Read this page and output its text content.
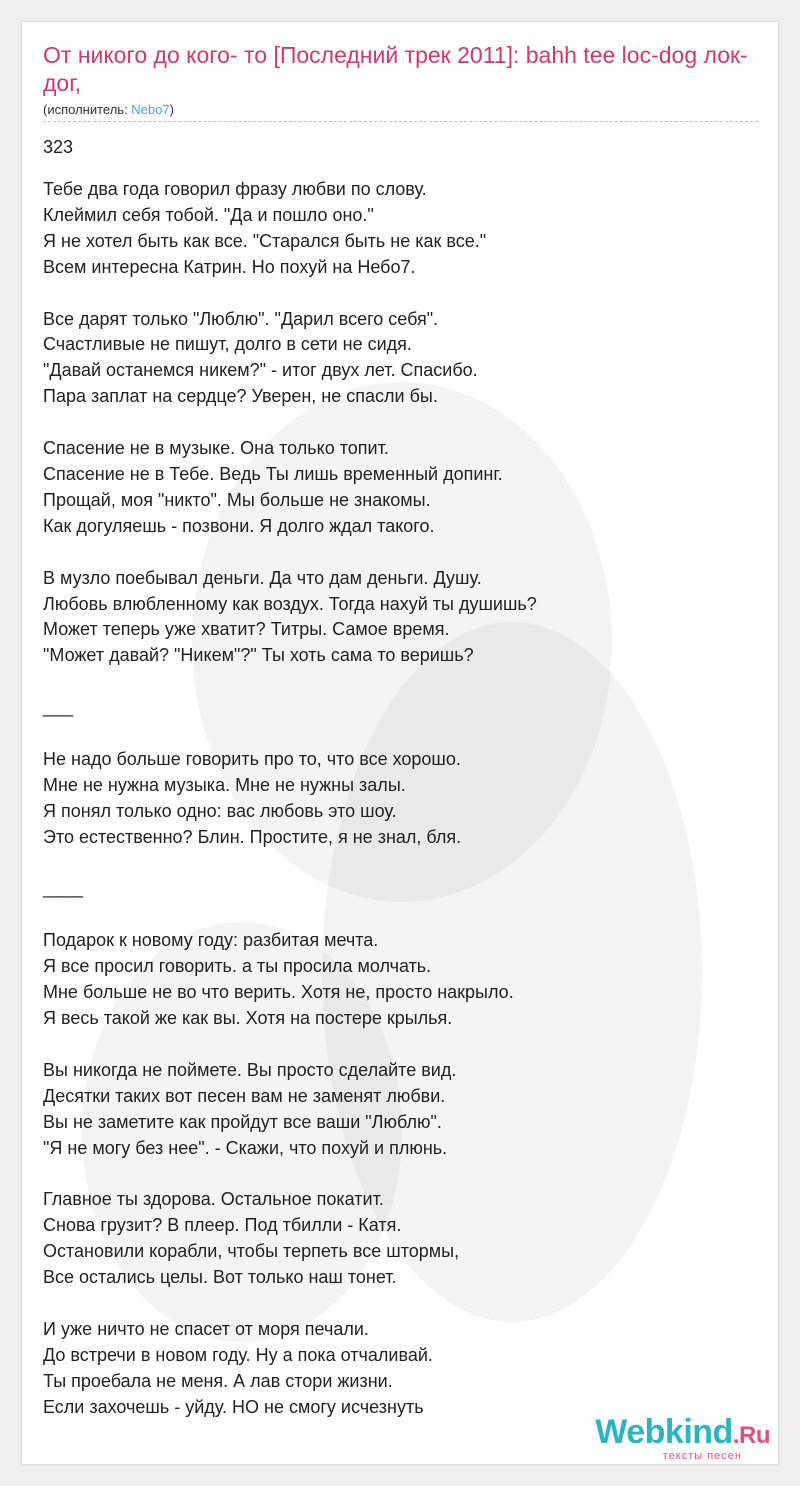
От никого до кого- то [Последний трек 2011]: bahh tee loc-dog лок-дог,
(исполнитель: Nebo7)
323
Тебе два года говорил фразу любви по слову.
Клеймил себя тобой. "Да и пошло оно."
Я не хотел быть как все. "Старался быть не как все."
Всем интересна Катрин. Но похуй на Небо7.

Все дарят только "Люблю". "Дарил всего себя".
Счастливые не пишут, долго в сети не сидя.
"Давай останемся никем?" - итог двух лет. Спасибо.
Пара заплат на сердце? Уверен, не спасли бы.

Спасение не в музыке. Она только топит.
Спасение не в Тебе. Ведь Ты лишь временный допинг.
Прощай, моя "никто". Мы больше не знакомы.
Как догуляешь - позвони. Я долго ждал такого.

В музло поебывал деньги. Да что дам деньги. Душу.
Любовь влюбленному как воздух. Тогда нахуй ты душишь?
Может теперь уже хватит? Титры. Самое время.
"Может давай? "Никем"?" Ты хоть сама то веришь?

___

Не надо больше говорить про то, что все хорошо.
Мне не нужна музыка. Мне не нужны залы.
Я понял только одно: вас любовь это шоу.
Это естественно? Блин. Простите, я не знал, бля.

____

Подарок к новому году: разбитая мечта.
Я все просил говорить. а ты просила молчать.
Мне больше не во что верить. Хотя не, просто накрыло.
Я весь такой же как вы. Хотя на постере крылья.

Вы никогда не поймете. Вы просто сделайте вид.
Десятки таких вот песен вам не заменят любви.
Вы не заметите как пройдут все ваши "Люблю".
"Я не могу без нее". - Скажи, что похуй и плюнь.

Главное ты здорова. Остальное покатит.
Снова грузит? В плеер. Под тбилли - Катя.
Остановили корабли, чтобы терпеть все штормы,
Все остались целы. Вот только наш тонет.

И уже ничто не спасет от моря печали.
До встречи в новом году. Ну а пока отчаливай.
Ты проебала не меня. А лав стори жизни.
Если захочешь - уйду. НО не смогу исчезнуть
Webkind.Ru
тексты песен
